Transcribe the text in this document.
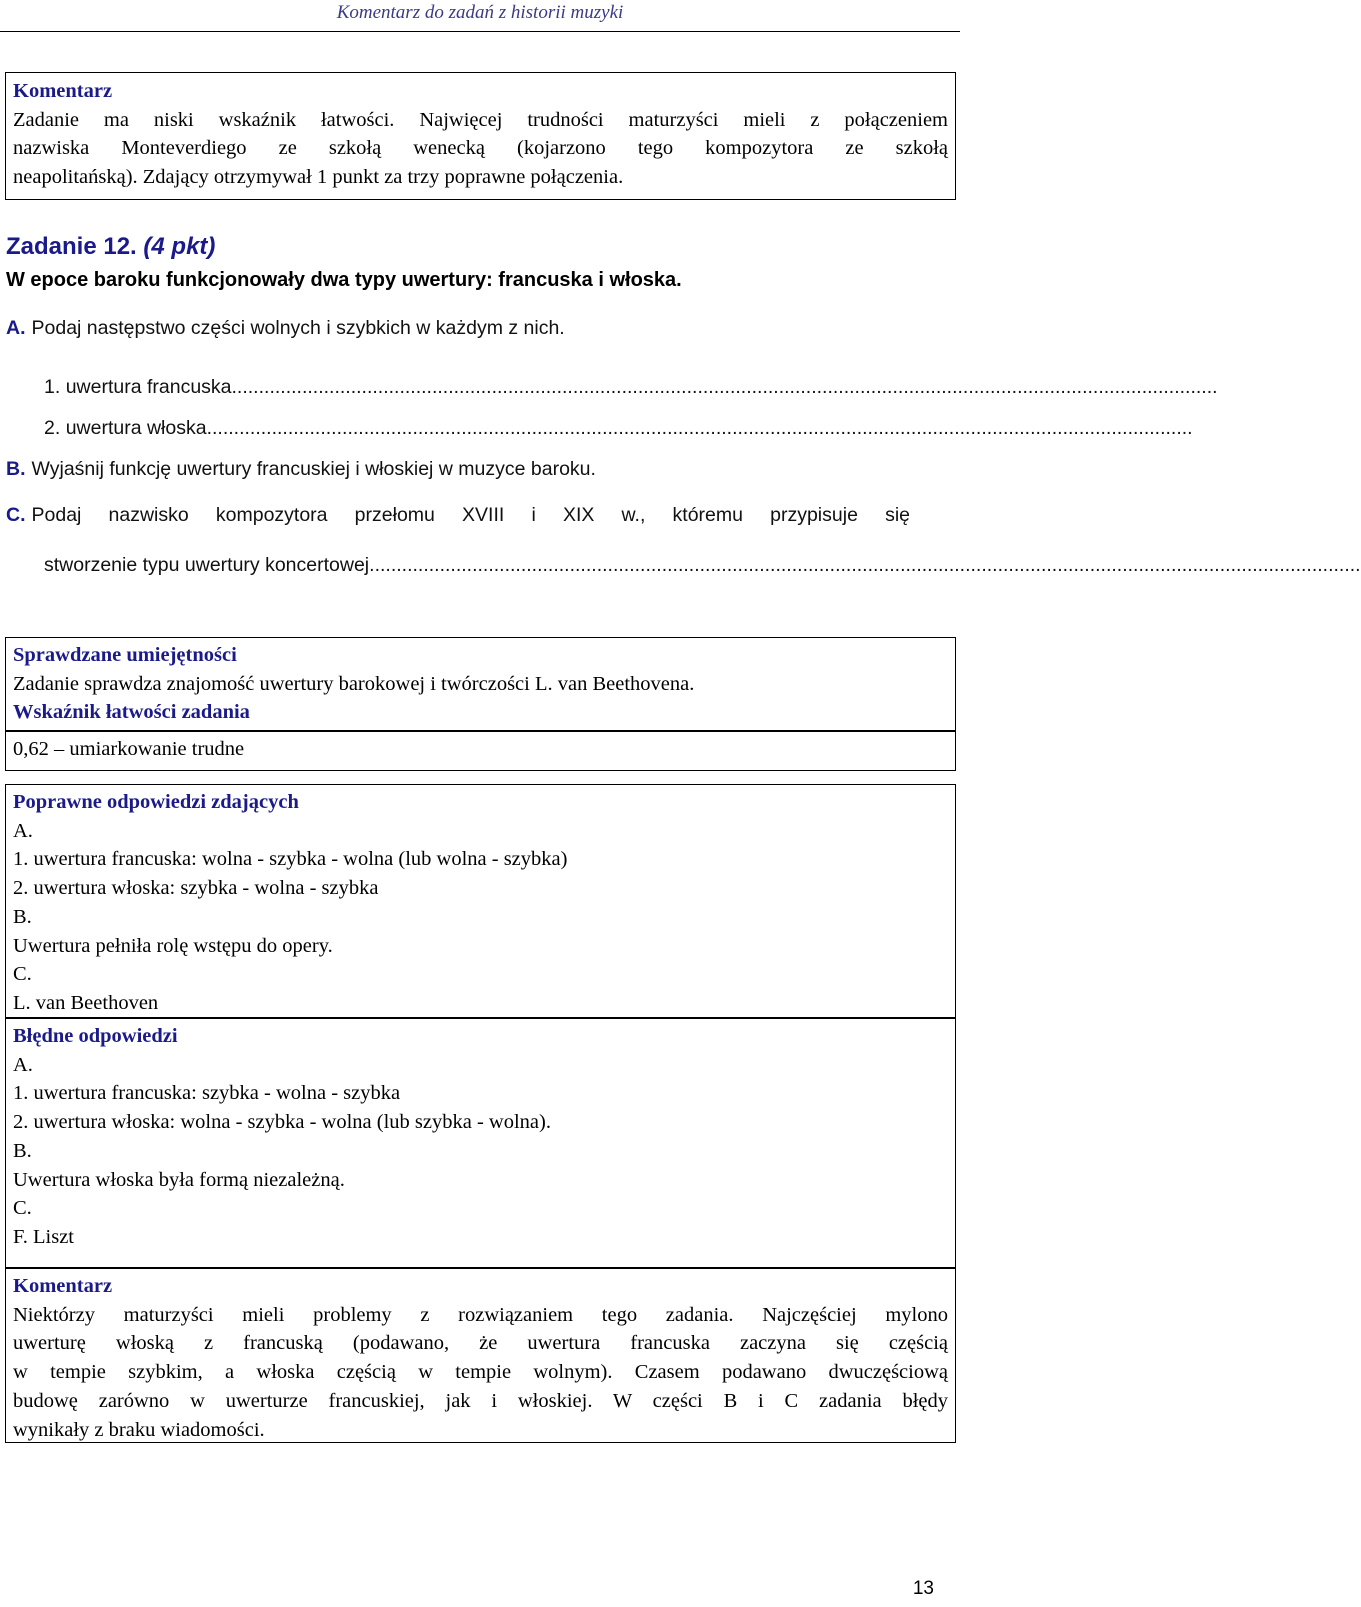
Komentarz do zadań z historii muzyki
Komentarz
Zadanie ma niski wskaźnik łatwości. Najwięcej trudności maturzyści mieli z połączeniem
nazwiska Monteverdiego ze szkołą wenecką (kojarzono tego kompozytora ze szkołą
neapolitańską). Zdający otrzymywał 1 punkt za trzy poprawne połączenia.
Zadanie 12. (4 pkt)
W epoce baroku funkcjonowały dwa typy uwertury: francuska i włoska.
A. Podaj następstwo części wolnych i szybkich w każdym z nich.
1. uwertura francuska......................................................................................................................................................................................
2. uwertura włoska......................................................................................................................................................................................
B. Wyjaśnij funkcję uwertury francuskiej i włoskiej w muzyce baroku.
C. Podaj nazwisko kompozytora przełomu XVIII i XIX w., któremu przypisuje się
stworzenie typu uwertury koncertowej.......................................................................................................................................................................................
Sprawdzane umiejętności
Zadanie sprawdza znajomość uwertury barokowej i twórczości L. van Beethovena.
Wskaźnik łatwości zadania
0,62 – umiarkowanie trudne
Poprawne odpowiedzi zdających
A.
1. uwertura francuska: wolna - szybka - wolna (lub wolna - szybka)
2. uwertura włoska: szybka - wolna - szybka
B.
Uwertura pełniła rolę wstępu do opery.
C.
L. van Beethoven
Błędne odpowiedzi
A.
1. uwertura francuska: szybka - wolna - szybka
2. uwertura włoska: wolna - szybka - wolna (lub szybka - wolna).
B.
Uwertura włoska była formą niezależną.
C.
F. Liszt
Komentarz
Niektórzy maturzyści mieli problemy z rozwiązaniem tego zadania. Najczęściej mylono
uwerturę włoską z francuską (podawano, że uwertura francuska zaczyna się częścią
w tempie szybkim, a włoska częścią w tempie wolnym). Czasem podawano dwuczęściową
budowę zarówno w uwerturze francuskiej, jak i włoskiej. W części B i C zadania błędy
wynikały z braku wiadomości.
13
